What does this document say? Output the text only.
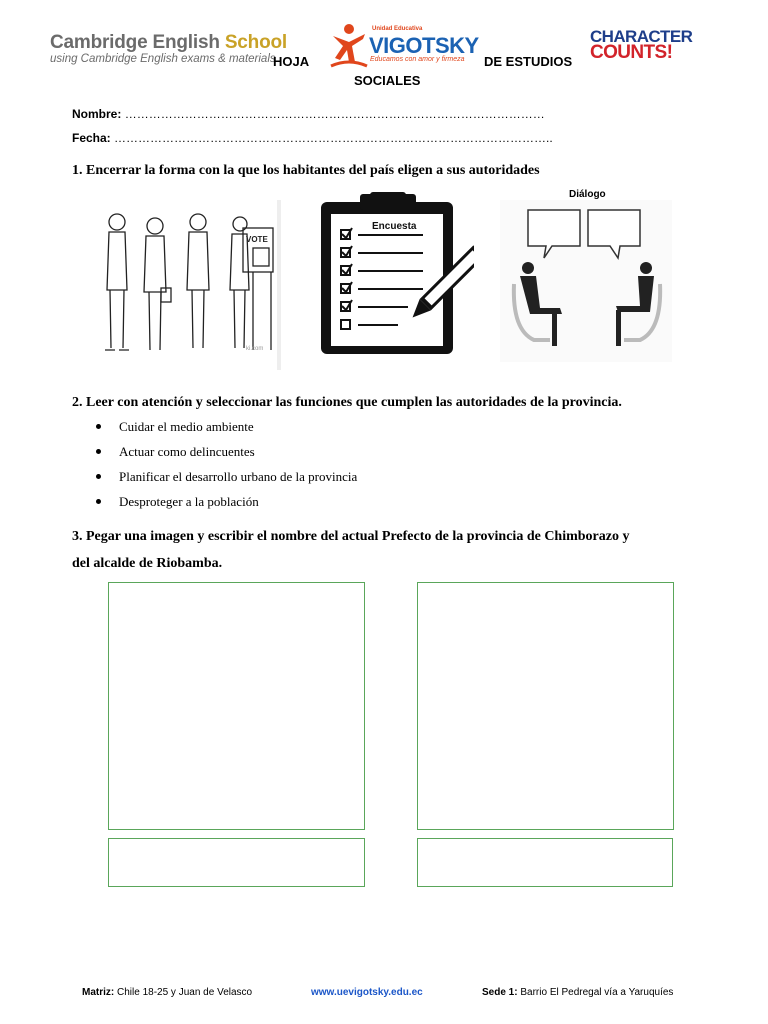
Cambridge English School
using Cambridge English exams & materials
HOJA
Unidad Educativa
VIGOTSKY
Educamos con amor y firmeza DE ESTUDIOS
SOCIALES
CHARACTER
COUNTS!
Nombre: ……………………………………………………………………………………………
Fecha: ………………………………………………………………………………………………..
1. Encerrar la forma con la que los habitantes del país eligen a sus autoridades
VOTE
ki.com
Encuesta
Diálogo
2. Leer con atención y seleccionar las funciones que cumplen las autoridades de la provincia.
Cuidar el medio ambiente
Actuar como delincuentes
Planificar el desarrollo urbano de la provincia
Desproteger a la población
3. Pegar una imagen y escribir el nombre del actual Prefecto de la provincia de Chimborazo y
del alcalde de Riobamba.
Matriz: Chile 18-25 y Juan de Velasco	www.uevigotsky.edu.ec	Sede 1: Barrio El Pedregal vía a Yaruquíes
